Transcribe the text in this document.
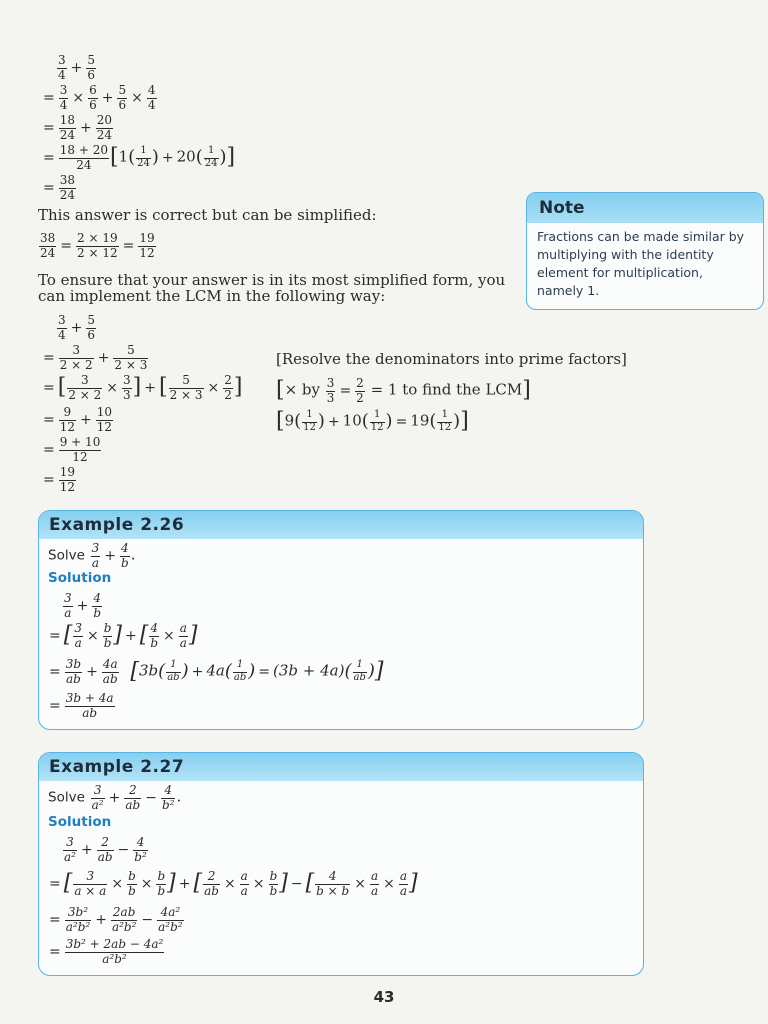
$\frac{3}{4} + \frac{5}{6}$
= $\frac{3}{4} \times \frac{6}{6} + \frac{5}{6} \times \frac{4}{4}$
= $\frac{18}{24} + \frac{20}{24}$
= $\frac{18 + 20}{24} [1( \frac{1}{24}$ ) + $20( \frac{1}{24}$ )]
= $\frac{38}{24}$
This answer is correct but can be simplified:
$\frac{38}{24} = \frac{2 \times 19}{2 \times 12} = \frac{19}{12}$
To ensure that your answer is in its most simplified form, you
can implement the LCM in the following way:
Note
Fractions can be made similar by multiplying with the identity element for multiplication, namely 1.
$\frac{3}{4} + \frac{5}{6}$
= $\frac{3}{2 \times 2} + \frac{5}{2 \times 3}$
= [ $\frac{3}{2 \times 2} \times \frac{3}{3}$ ] + [ $\frac{5}{2 \times 3} \times \frac{2}{2}$ ]
= $\frac{9}{12} + \frac{10}{12}$
= $\frac{9 + 10}{12}$
= $\frac{19}{12}$
[Resolve the denominators into prime factors]
[× by $\frac{3}{3} = \frac{2}{2} = 1$ to find the LCM]
[$9( \frac{1}{12}$ ) + $10( \frac{1}{12}$ ) = $19( \frac{1}{12}$ )]
Example 2.26
Solve $\frac{3}{a} + \frac{4}{b}$ .
Solution
$\frac{3}{a} + \frac{4}{b}$
= [ $\frac{3}{a} \times \frac{b}{b}$ ] + [ $\frac{4}{b} \times \frac{a}{a}$ ]
= $\frac{3b}{ab} + \frac{4a}{ab} [3b( \frac{1}{ab}$ ) + $4a( \frac{1}{ab}$ ) = $(3b + 4a)( \frac{1}{ab}$ )]
= $\frac{3b + 4a}{ab}$
Example 2.27
Solve $\frac{3}{\text{a²}} + \frac{2}{ab} - \frac{4}{\text{b²}}$ .
Solution
$\frac{3}{\text{a²}} + \frac{2}{ab} - \frac{4}{\text{b²}}$
= [ $\frac{3}{a \times a} \times \frac{b}{b} \times \frac{b}{b}$ ] + [ $\frac{2}{ab} \times \frac{a}{a} \times \frac{b}{b}$ ] − [ $\frac{4}{b \times b} \times \frac{a}{a} \times \frac{a}{a}$ ]
= $\frac{\text{3b²}}{\text{a²b²}} + \frac{2ab}{\text{a²b²}} - \frac{\text{4a²}}{\text{a²b²}}$
= $\frac{\text{3b² + 2ab − 4a²}}{\text{a²b²}}$
43
